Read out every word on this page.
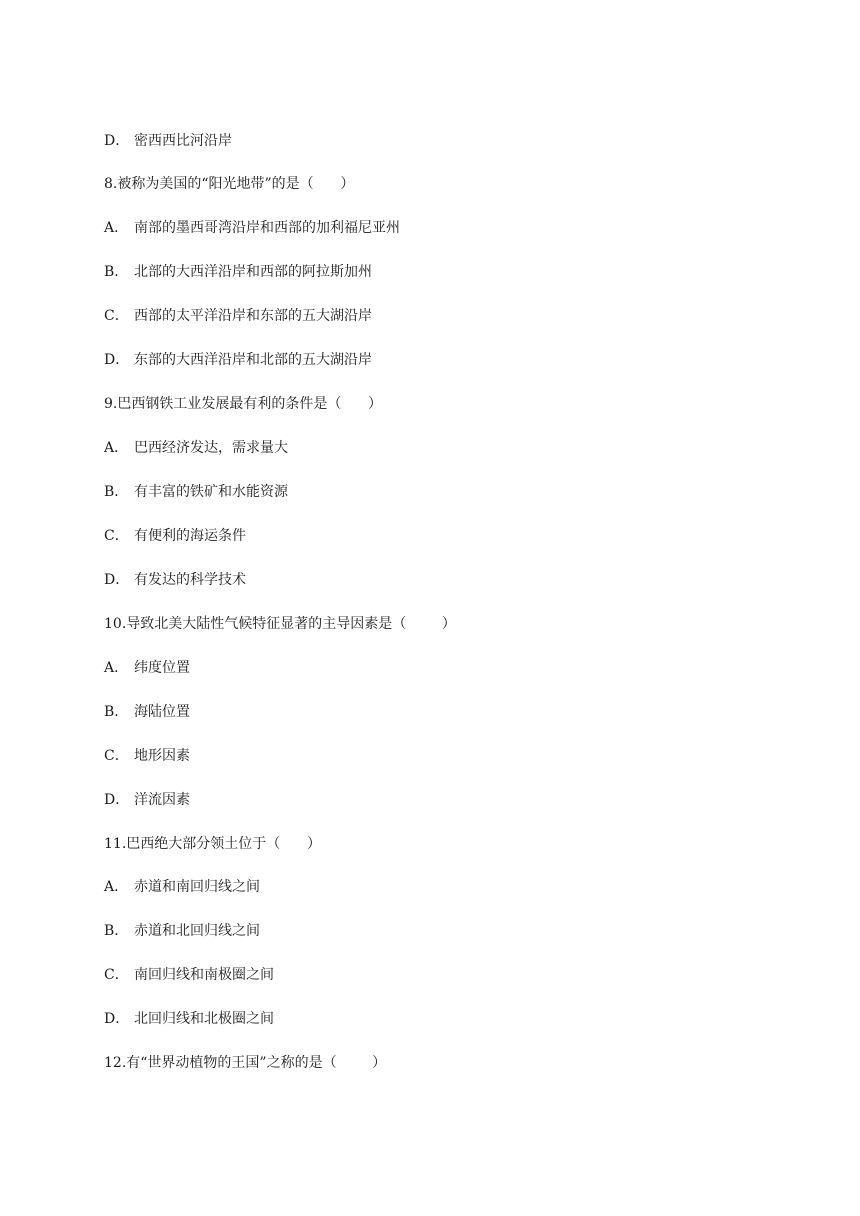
D． 密西西比河沿岸
8.被称为美国的“阳光地带”的是（      ）
A． 南部的墨西哥湾沿岸和西部的加利福尼亚州
B． 北部的大西洋沿岸和西部的阿拉斯加州
C． 西部的太平洋沿岸和东部的五大湖沿岸
D． 东部的大西洋沿岸和北部的五大湖沿岸
9.巴西钢铁工业发展最有利的条件是（      ）
A． 巴西经济发达，需求量大
B． 有丰富的铁矿和水能资源
C． 有便利的海运条件
D． 有发达的科学技术
10.导致北美大陆性气候特征显著的主导因素是（        ）
A． 纬度位置
B． 海陆位置
C． 地形因素
D． 洋流因素
11.巴西绝大部分领土位于（      ）
A． 赤道和南回归线之间
B． 赤道和北回归线之间
C． 南回归线和南极圈之间
D． 北回归线和北极圈之间
12.有“世界动植物的王国”之称的是（        ）
